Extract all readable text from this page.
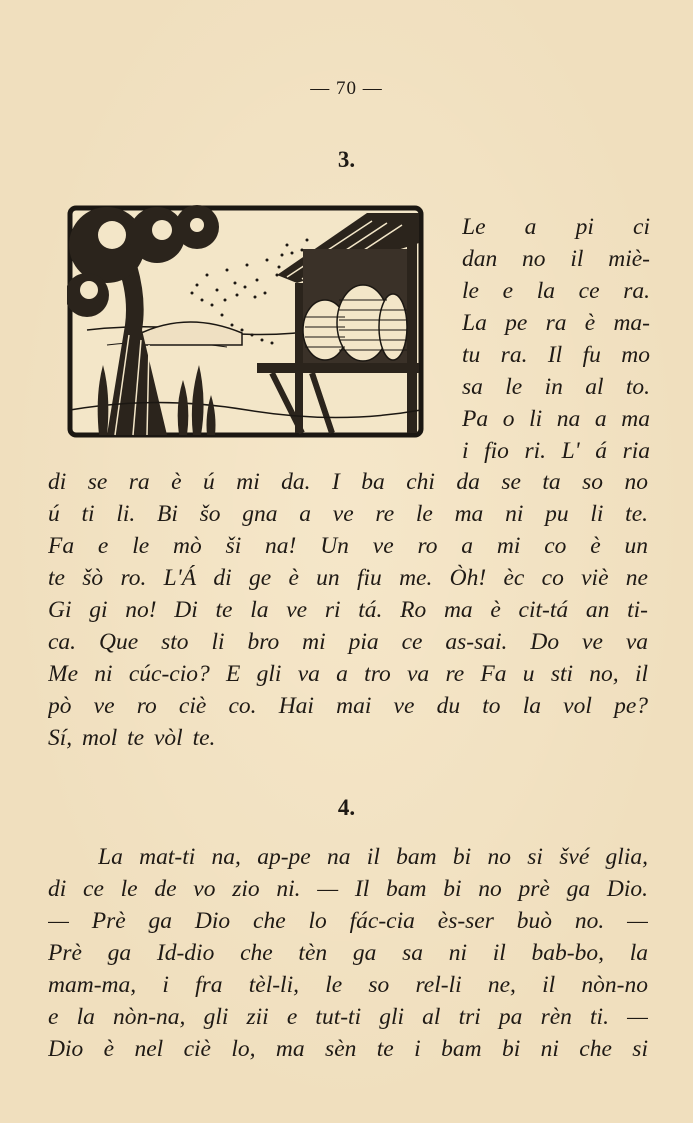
— 70 —
3.
Le a pi ci
dan no il miè-
le e la ce ra.
La pe ra è ma-
tu ra. Il fu mo
sa le in al to.
Pa o li na a ma
i fio ri. L' á ria
di se ra è ú mi da. I ba chi da se ta so no
ú ti li. Bi šo gna a ve re le ma ni pu li te.
Fa e le mò ši na! Un ve ro a mi co è un
te šò ro. L'Á di ge è un fiu me. Òh! èc co viè ne
Gi gi no! Di te la ve ri tá. Ro ma è cit-tá an ti-
ca. Que sto li bro mi pia ce as-sai. Do ve va
Me ni cúc-cio? E gli va a tro va re Fa u sti no, il
pò ve ro ciè co. Hai mai ve du to la vol pe?
Sí, mol te vòl te.
4.
La mat-ti na, ap-pe na il bam bi no si švé glia,
di ce le de vo zio ni. — Il bam bi no prè ga Dio.
— Prè ga Dio che lo fác-cia ès-ser buò no. —
Prè ga Id-dio che tèn ga sa ni il bab-bo, la
mam-ma, i fra tèl-li, le so rel-li ne, il nòn-no
e la nòn-na, gli zii e tut-ti gli al tri pa rèn ti. —
Dio è nel ciè lo, ma sèn te i bam bi ni che si
